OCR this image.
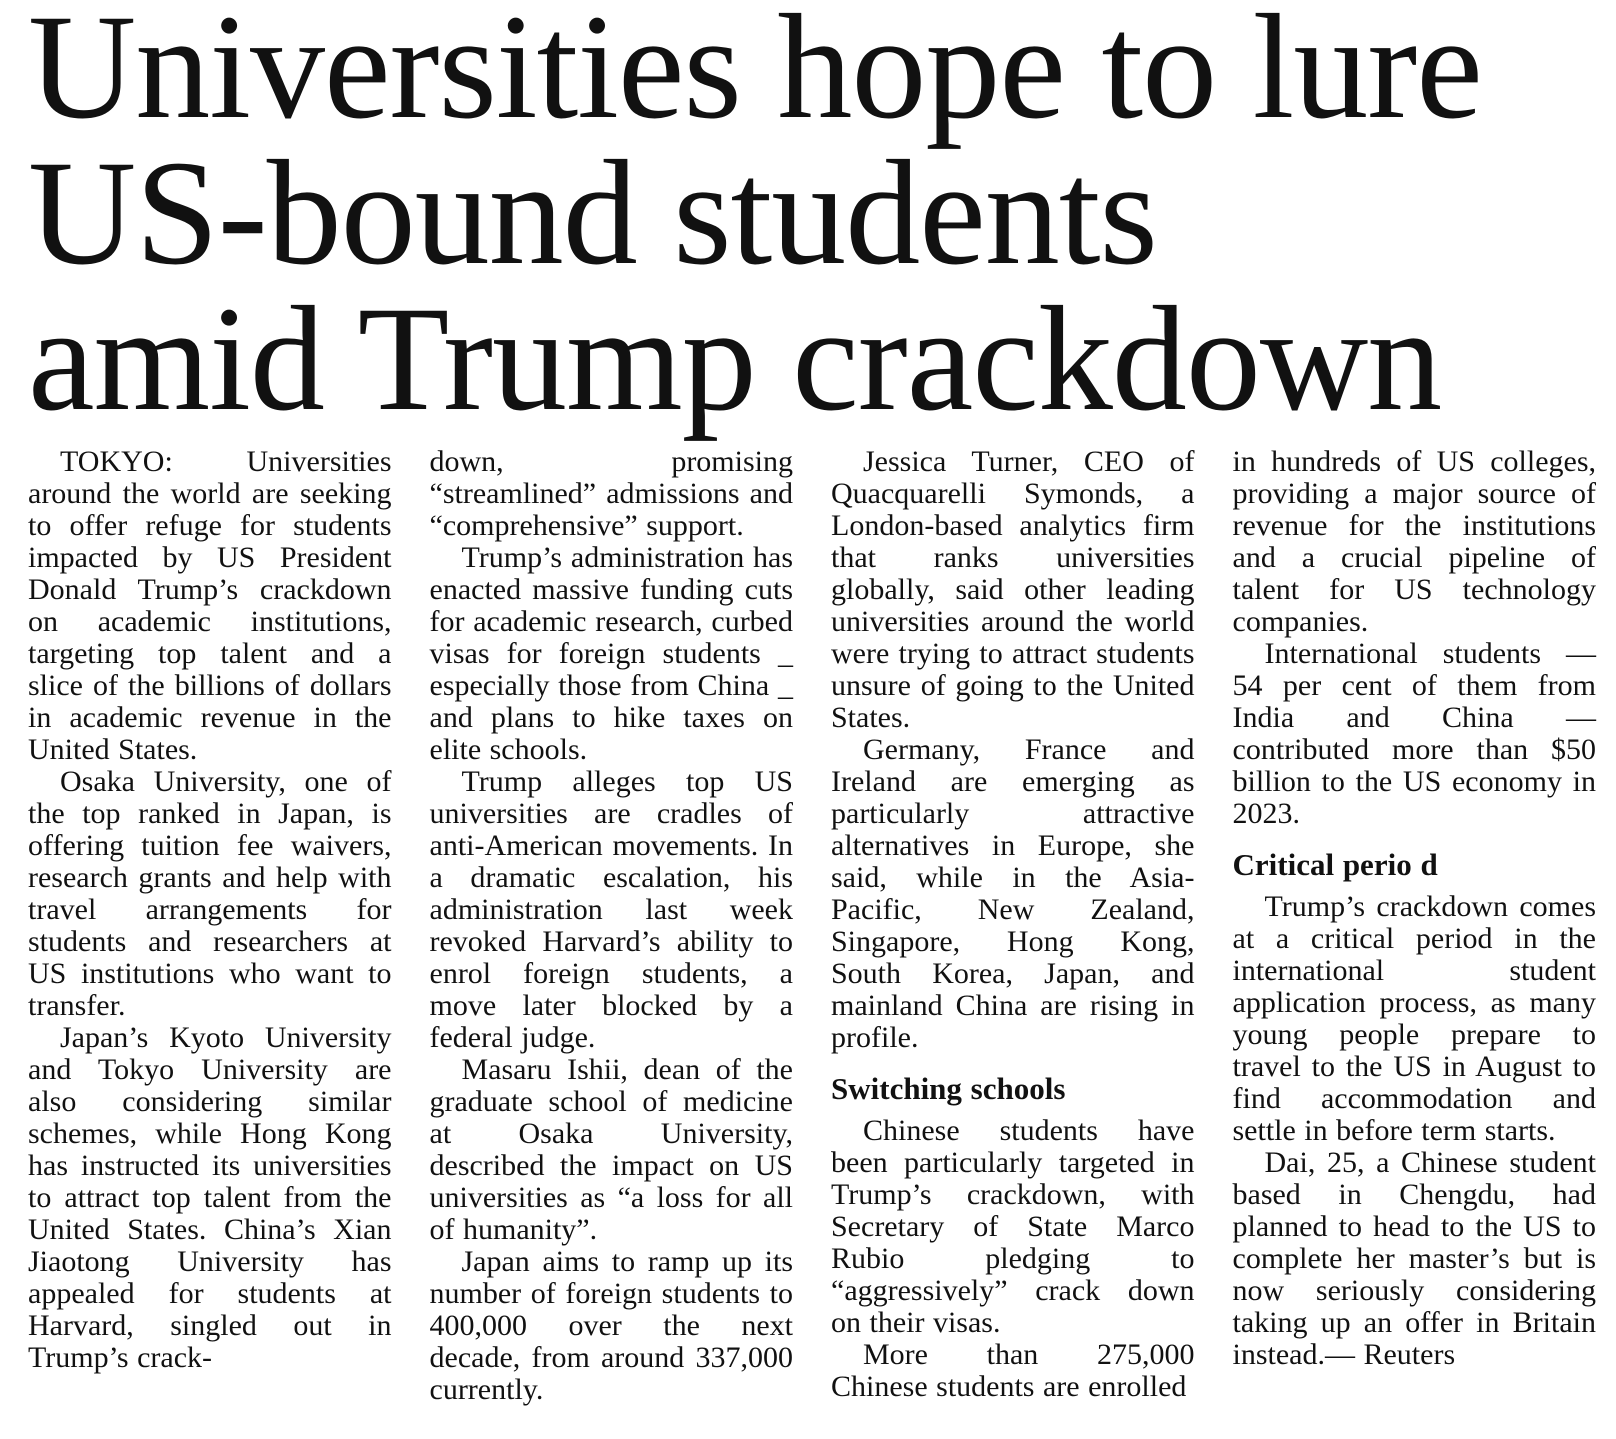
Universities hope to lure
US-bound students
amid Trump crackdown

TOKYO: Universities around the world are seeking to offer refuge for students impacted by US President Donald Trump’s crackdown on academic institutions, targeting top talent and a slice of the billions of dollars in academic revenue in the United States.

Osaka University, one of the top ranked in Japan, is offering tuition fee waivers, research grants and help with travel arrangements for students and researchers at US institutions who want to transfer.

Japan’s Kyoto University and Tokyo University are also considering similar schemes, while Hong Kong has instructed its universities to attract top talent from the United States. China’s Xian Jiaotong University has appealed for students at Harvard, singled out in Trump’s crack-

down, promising “streamlined” admissions and “comprehensive” support.

Trump’s administration has enacted massive funding cuts for academic research, curbed visas for foreign students _ especially those from China _ and plans to hike taxes on elite schools.

Trump alleges top US universities are cradles of anti-American movements. In a dramatic escalation, his administration last week revoked Harvard’s ability to enrol foreign students, a move later blocked by a federal judge.

Masaru Ishii, dean of the graduate school of medicine at Osaka University, described the impact on US universities as “a loss for all of humanity”.

Japan aims to ramp up its number of foreign students to 400,000 over the next decade, from around 337,000 currently.

Jessica Turner, CEO of Quacquarelli Symonds, a London-based analytics firm that ranks universities globally, said other leading universities around the world were trying to attract students unsure of going to the United States.

Germany, France and Ireland are emerging as particularly attractive alternatives in Europe, she said, while in the Asia-Pacific, New Zealand, Singapore, Hong Kong, South Korea, Japan, and mainland China are rising in profile.

Switching schools

Chinese students have been particularly targeted in Trump’s crackdown, with Secretary of State Marco Rubio pledging to “aggressively” crack down on their visas.

More than 275,000 Chinese students are enrolled

in hundreds of US colleges, providing a major source of revenue for the institutions and a crucial pipeline of talent for US technology companies.

International students — 54 per cent of them from India and China — contributed more than $50 billion to the US economy in 2023.

Critical perio d

Trump’s crackdown comes at a critical period in the international student application process, as many young people prepare to travel to the US in August to find accommodation and settle in before term starts.

Dai, 25, a Chinese student based in Chengdu, had planned to head to the US to complete her master’s but is now seriously considering taking up an offer in Britain instead.— Reuters
